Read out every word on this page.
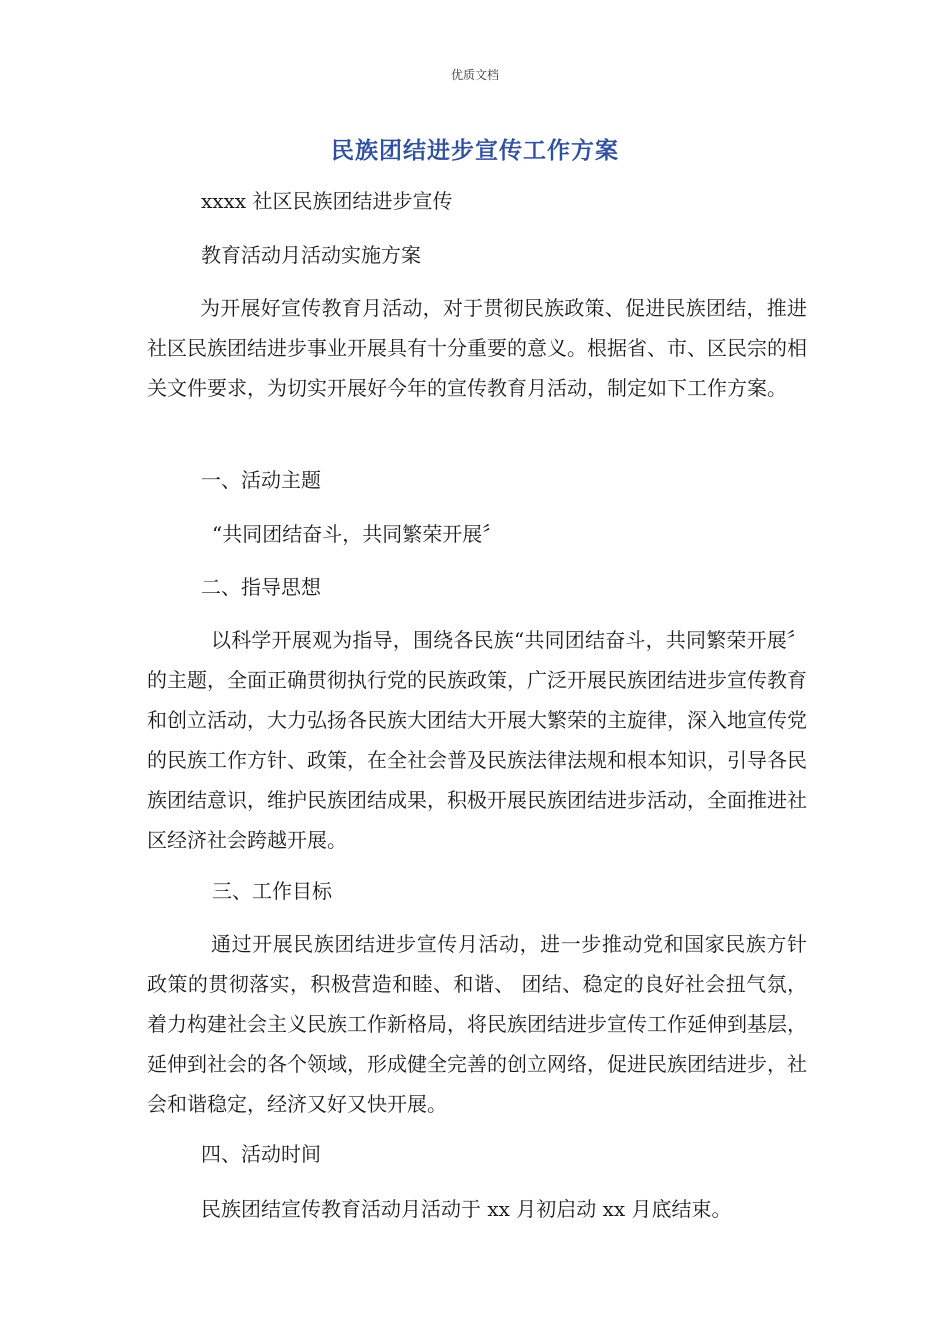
优质文档
民族团结进步宣传工作方案
xxxx 社区民族团结进步宣传
教育活动月活动实施方案

为开展好宣传教育月活动，对于贯彻民族政策、促进民族团结，推进社区民族团结进步事业开展具有十分重要的意义。根据省、市、区民宗的相关文件要求，为切实开展好今年的宣传教育月活动，制定如下工作方案。

一、活动主题
“共同团结奋斗，共同繁荣开展〞
二、指导思想

以科学开展观为指导，围绕各民族“共同团结奋斗，共同繁荣开展〞的主题，全面正确贯彻执行党的民族政策，广泛开展民族团结进步宣传教育和创立活动，大力弘扬各民族大团结大开展大繁荣的主旋律，深入地宣传党的民族工作方针、政策，在全社会普及民族法律法规和根本知识，引导各民族团结意识，维护民族团结成果，积极开展民族团结进步活动，全面推进社区经济社会跨越开展。

三、工作目标

通过开展民族团结进步宣传月活动，进一步推动党和国家民族方针政策的贯彻落实，积极营造和睦、和谐、 团结、稳定的良好社会扭气氛，着力构建社会主义民族工作新格局，将民族团结进步宣传工作延伸到基层，延伸到社会的各个领域，形成健全完善的创立网络，促进民族团结进步，社会和谐稳定，经济又好又快开展。

四、活动时间
民族团结宣传教育活动月活动于 xx 月初启动 xx 月底结束。
